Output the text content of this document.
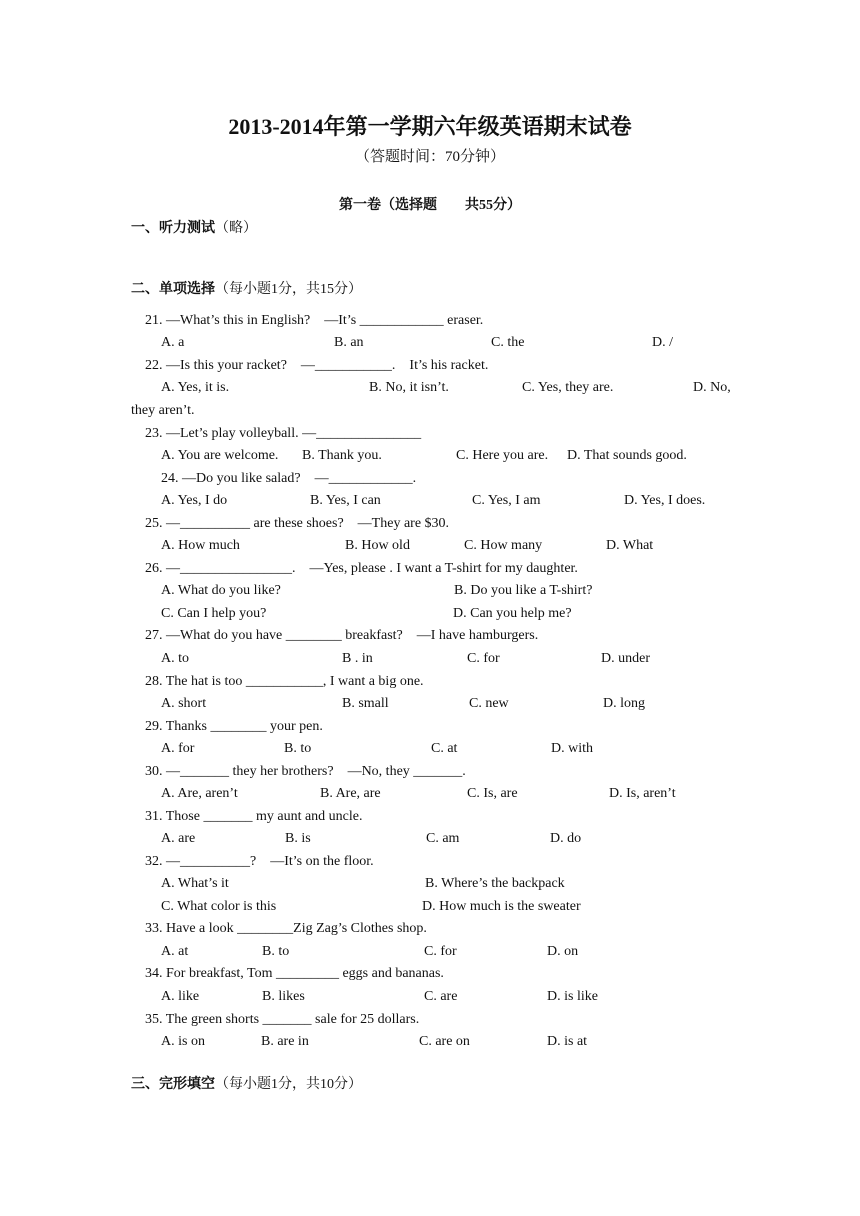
2013-2014年第一学期六年级英语期末试卷
（答题时间：70分钟）
第一卷（选择题　　共55分）
一、听力测试（略）
二、单项选择（每小题1分，共15分）
21. —What’s this in English?　—It’s ____________ eraser.
A. a	B. an	C. the	D. /
22. —Is this your racket?　—___________.　It’s his racket.
A. Yes, it is.	B. No, it isn’t.	C. Yes, they are.	D. No,
they aren’t.
23. —Let’s play volleyball. —_______________
A. You are welcome. B. Thank you.	C. Here you are. D. That sounds good.
24. —Do you like salad?　—____________.
A. Yes, I do	B. Yes, I can	C. Yes, I am	D. Yes, I does.
25. —__________ are these shoes?　—They are $30.
A. How much	B. How old	C. How many	D. What
26. —________________.　—Yes, please . I want a T-shirt for my daughter.
A. What do you like?	B. Do you like a T-shirt?
C. Can I help you?	D. Can you help me?
27. —What do you have ________ breakfast?　—I have hamburgers.
A. to	B . in	C. for	D. under
28. The hat is too ___________, I want a big one.
A. short	B. small	C. new	D. long
29. Thanks ________ your pen.
A. for	B. to	C. at	D. with
30. —_______ they her brothers?　—No, they _______.
A. Are, aren’t	B. Are, are	C. Is, are	D. Is, aren’t
31. Those _______ my aunt and uncle.
A. are	B. is	C. am	D. do
32. —__________?　—It’s on the floor.
A. What’s it	B. Where’s the backpack
C. What color is this	D. How much is the sweater
33. Have a look ________Zig Zag’s Clothes shop.
A. at	B. to	C. for	D. on
34. For breakfast, Tom _________ eggs and bananas.
A. like	B. likes	C. are	D. is like
35. The green shorts _______ sale for 25 dollars.
A. is on	B. are in	C. are on	D. is at
三、完形填空（每小题1分，共10分）
